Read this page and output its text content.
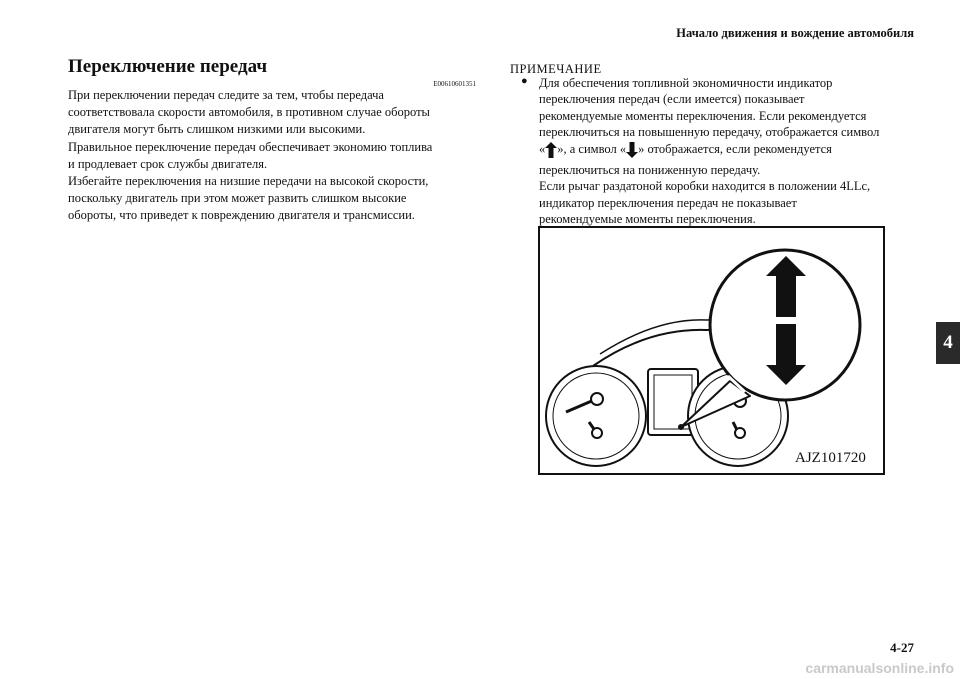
Начало движения и вождение автомобиля
Переключение передач
E00610601351
При переключении передач следите за тем, чтобы передача
соответствовала скорости автомобиля, в противном случае обороты
двигателя могут быть слишком низкими или высокими.
Правильное переключение передач обеспечивает экономию топлива
и продлевает срок службы двигателя.
Избегайте переключения на низшие передачи на высокой скорости,
поскольку двигатель при этом может развить слишком высокие
обороты, что приведет к повреждению двигателя и трансмиссии.
ПРИМЕЧАНИЕ
● Для обеспечения топливной экономичности индикатор
переключения передач (если имеется) показывает
рекомендуемые моменты переключения. Если рекомендуется
переключиться на повышенную передачу, отображается символ
« », а символ « » отображается, если рекомендуется
переключиться на пониженную передачу.
Если рычаг раздатоной коробки находится в положении 4LLc,
индикатор переключения передач не показывает
рекомендуемые моменты переключения.
AJZ101720
4
4-27
carmanualsonline.info
